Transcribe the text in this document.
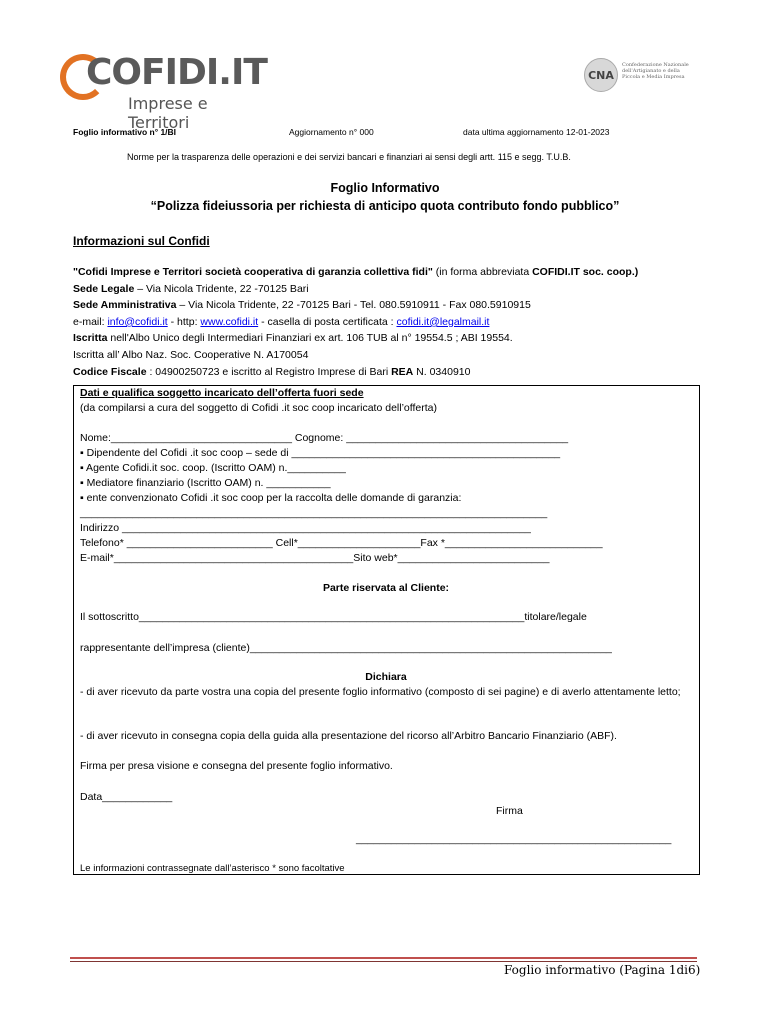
COFIDI.IT
Imprese e Territori
CNA
Confederazione Nazionale dell'Artigianato e della Piccola e Media Impresa
Foglio informativo n° 1/BI	Aggiornamento n° 000	data ultima aggiornamento 12-01-2023
Norme per la trasparenza delle operazioni e dei servizi bancari e finanziari ai sensi degli artt. 115 e segg. T.U.B.
Foglio Informativo
“Polizza fideiussoria per richiesta di anticipo quota contributo fondo pubblico”
Informazioni sul Confidi
"Cofidi Imprese e Territori società cooperativa di garanzia collettiva fidi" (in forma abbreviata COFIDI.IT soc. coop.)
Sede Legale – Via Nicola Tridente, 22 -70125 Bari
Sede Amministrativa – Via Nicola Tridente, 22 -70125 Bari - Tel. 080.5910911 - Fax 080.5910915
e-mail: info@cofidi.it - http: www.cofidi.it - casella di posta certificata : cofidi.it@legalmail.it
Iscritta nell'Albo Unico degli Intermediari Finanziari ex art. 106 TUB al n° 19554.5 ; ABI 19554.
Iscritta all’ Albo Naz. Soc. Cooperative N. A170054
Codice Fiscale : 04900250723 e iscritto al Registro Imprese di Bari REA N. 0340910
Dati e qualifica soggetto incaricato dell’offerta fuori sede
(da compilarsi a cura del soggetto di Cofidi .it soc coop incaricato dell’offerta)
Nome:_______________________________ Cognome: ______________________________________
▪ Dipendente del Cofidi .it soc coop – sede di ______________________________________________
▪ Agente Cofidi.it soc. coop. (Iscritto OAM) n.__________
▪ Mediatore finanziario (Iscritto OAM) n. ___________
▪ ente convenzionato Cofidi .it soc coop per la raccolta delle domande di garanzia:
________________________________________________________________________________
Indirizzo ______________________________________________________________________
Telefono* _________________________ Cell*_____________________Fax *___________________________
E-mail*_________________________________________Sito web*__________________________
Parte riservata al Cliente:
Il sottoscritto__________________________________________________________________titolare/legale
rappresentante dell’impresa (cliente)______________________________________________________________
Dichiara
- di aver ricevuto da parte vostra una copia del presente foglio informativo (composto di sei pagine) e di averlo attentamente letto;
- di aver ricevuto in consegna copia della guida alla presentazione del ricorso all’Arbitro Bancario Finanziario (ABF).
Firma per presa visione e consegna del presente foglio informativo.
Data____________
Firma
______________________________________________________
Le informazioni contrassegnate dall’asterisco * sono facoltative
Foglio informativo (Pagina 1di6)
